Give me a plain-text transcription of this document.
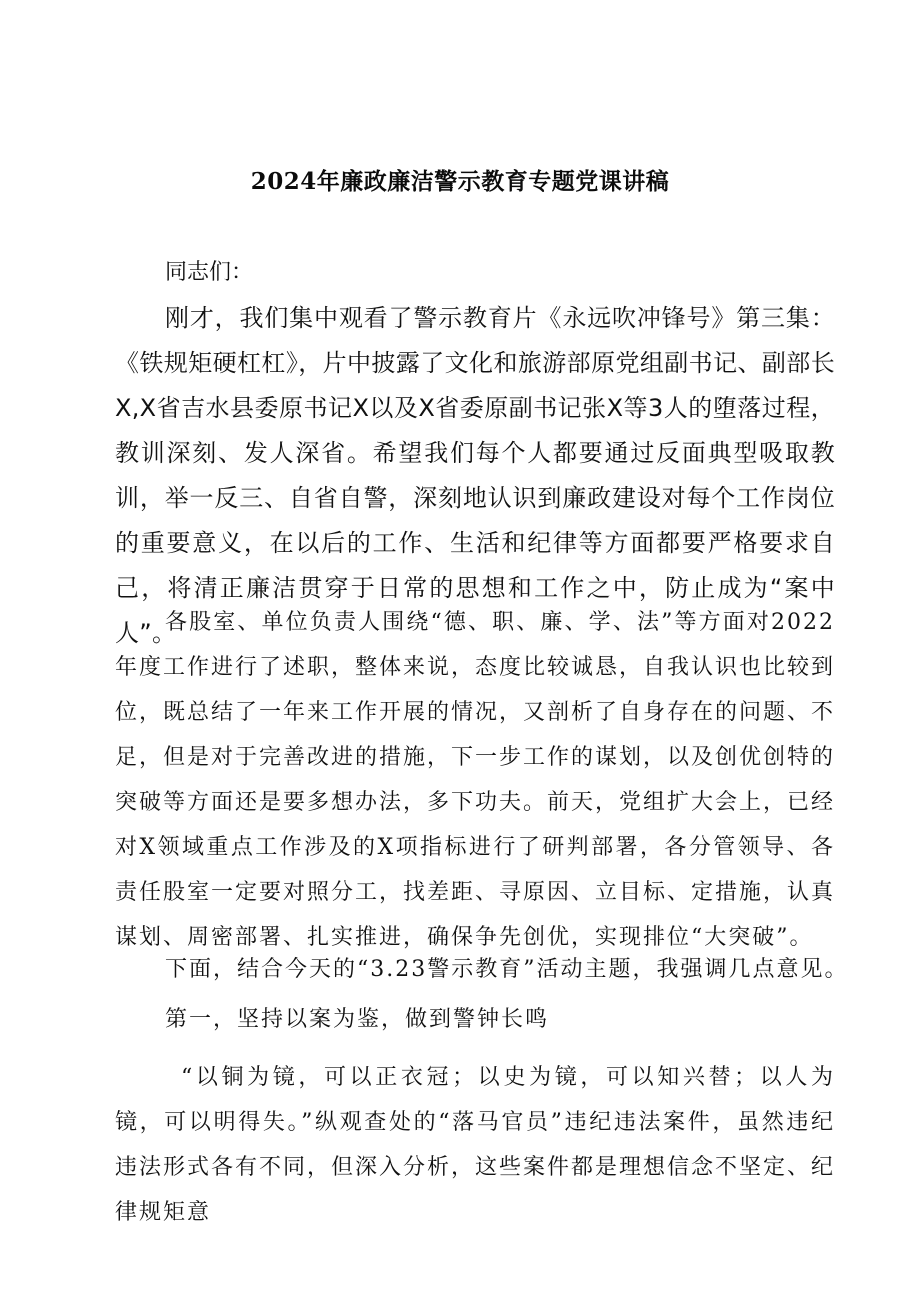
2024年廉政廉洁警示教育专题党课讲稿
同志们：

刚才，我们集中观看了警示教育片《永远吹冲锋号》第三集：《铁规矩硬杠杠》，片中披露了文化和旅游部原党组副书记、副部长X,X省吉水县委原书记X以及X省委原副书记张X等3人的堕落过程，教训深刻、发人深省。希望我们每个人都要通过反面典型吸取教训，举一反三、自省自警，深刻地认识到廉政建设对每个工作岗位的重要意义，在以后的工作、生活和纪律等方面都要严格要求自己，将清正廉洁贯穿于日常的思想和工作之中，防止成为“案中人”。

各股室、单位负责人围绕“德、职、廉、学、法”等方面对2022年度工作进行了述职，整体来说，态度比较诚恳，自我认识也比较到位，既总结了一年来工作开展的情况，又剖析了自身存在的问题、不足，但是对于完善改进的措施，下一步工作的谋划，以及创优创特的突破等方面还是要多想办法，多下功夫。前天，党组扩大会上，已经对X领域重点工作涉及的X项指标进行了研判部署，各分管领导、各责任股室一定要对照分工，找差距、寻原因、立目标、定措施，认真谋划、周密部署、扎实推进，确保争先创优，实现排位“大突破”。

下面，结合今天的“3.23警示教育”活动主题，我强调几点意见。
第一，坚持以案为鉴，做到警钟长鸣

“以铜为镜，可以正衣冠；以史为镜，可以知兴替；以人为镜，可以明得失。”纵观查处的“落马官员”违纪违法案件，虽然违纪违法形式各有不同，但深入分析，这些案件都是理想信念不坚定、纪律规矩意
